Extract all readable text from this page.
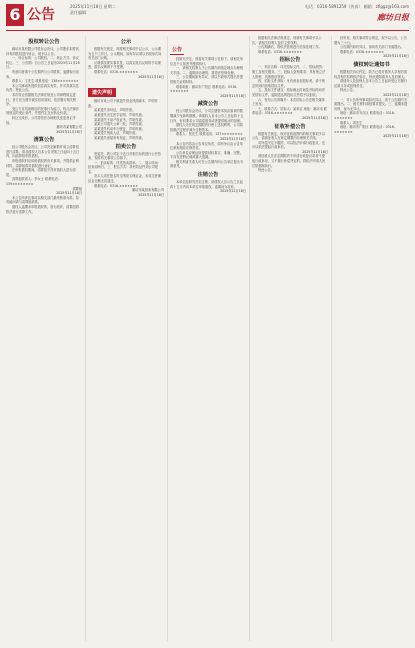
6 公告
2025年11月18日 星期二
责任编辑：
电话：0316-5891259（传真） 邮箱：zflggz@163.com
廊坊日报

股权转让公告

廊坊市某有限公司股东会决议，公司股东拟将其持有的股权进行转让，现予以公告。

一、转让标的：公司股权。二、转让方式：协议转让。三、公告期：自公告之日起至2025年11月28日。

有意向者请于公告期内与公司联系，逾期视为放弃。

联系人：王先生 联系电话：138××××××××

本公司承诺所提供信息真实有效，并对其真实性负责。特此公告。

本次转让依据相关法律法规及公司章程规定进行，各方应当遵守诚实信用原则，依法履行相关程序。

受让方应具备相应的民事行为能力，符合法律法规规定的受让条件，并按约定支付转让价款。

转让完成后，公司将依法办理相关变更登记手续。

廊坊市某有限公司

2025年11月18日

清算公告

经公司股东会决议，公司决定解散并成立清算组进行清算。请各债权人自本公告见报之日起四十五日内，向清算组申报债权。

申报债权时应说明债权的有关事项，并提供证明材料。清算组将对债权进行登记。

在申报债权期间，清算组不得对债权人进行清偿。

清算组联系人：李女士 联系电话：139××××××××

清算组

2025年11月18日

本公告所涉及事项以相关部门最终核准为准。如有疑问请与清算组联系。

债权人逾期未申报债权的，视为放弃，清算组将依法进行清算工作。

公示

根据有关规定，现将相关事项予以公示，公示期为五个工作日。公示期间，如有异议请以书面形式向有关部门反映。

反映情况要实事求是，以真实姓名反映的予以保密，匿名反映的不予受理。

联系电话：0316-×××××××

2025年11月18日

遗失声明

廊坊市某公司不慎遗失营业执照副本，声明作废。

某某遗失身份证，声明作废。

某某遗失出生医学证明，声明作废。

某某遗失不动产权证书，声明作废。

某某公司遗失公章一枚，声明作废。

某某遗失机动车行驶证，声明作废。

某某遗失残疾人证，声明作废。

某某遗失房屋所有权证，声明作废。

拍卖公告

受委托，我公司定于近日对相关标的进行公开拍卖，现将有关事项公告如下。

一、拍卖标的：详见拍卖清单。二、展示时间：拍卖前两日。三、报名方式：持有效证件到公司报名。

竞买人须在报名时交纳竞买保证金，未成交者保证金全额无息退还。

联系电话：0316-×××××××

廊坊市某拍卖有限公司

2025年11月18日

公告

经研究决定，现将有关事项公告如下，请相关单位及个人知悉并遵照执行。

一、请相关权利人于公告期内到指定地点办理相关手续。二、逾期未办理的，将依法依规处理。

三、公告期间如有异议，请以书面形式提出并提供相关证明材料。

联系地址：廊坊市广阳区 联系电话：0316-×××××××

2025年11月18日

减资公告

经公司股东会决议，公司注册资本拟由原来的数额减少至新的数额。请债权人自本公告之日起四十五日内，有权要求公司清偿债务或者提供相应的担保。

债权人未在规定期限内行使上述权利的，公司将按照法定程序减少注册资本。

联系人：张先生 联系电话：137××××××××

2025年11月18日

本公告内容由公告单位负责，如有争议由公告单位承担相应法律责任。

公告单位应保证所提供材料真实、准确、完整，不存在虚假记载或重大遗漏。

相关利害关系人可在公告期内向公告单位提出书面意见。

注销公告

本单位经研究决定注销，请债权人自公告之日起四十五日内向本单位申报债权，逾期视为放弃。

2025年11月18日

根据相关法律法规规定，现就有关事项予以公告，请相关权利人及时主张权利。

公告期满后，将依法依规进行后续处理工作。

联系电话：0316-×××××××

招标公告

一、项目名称：详见招标文件。二、招标范围：施工及相关服务。三、投标人资格要求：具有独立法人资格，具备相应资质。

四、招标文件获取：凡有意参加投标者，请于规定时间内获取招标文件。

五、投标文件递交：投标截止时间及开标时间详见招标文件。逾期送达的投标文件将予以拒收。

六、发布公告的媒介：本次招标公告在相关媒体上发布。

七、联系方式：招标人：某单位 地址：廊坊市 联系电话：0316-×××××××

2025年11月18日

征收补偿公告

根据有关规定，现对征收范围内的相关事项予以公告，请被征收人在规定期限内办理相关手续。

对补偿决定不服的，可以依法申请行政复议，也可以依法提起行政诉讼。

2025年11月18日

被征收人在法定期限内不申请行政复议或者不提起行政诉讼，又不履行补偿决定的，将依法申请人民法院强制执行。

特此公告。

经审查，相关事项符合规定，现予以公告，公告期为三十日。

公告期内如有异议，请向有关部门书面提出。

联系电话：0316-×××××××

2025年11月18日

债权转让通知书

根据相关协议约定，我方已将对债务人享有的债权及相关权利依法转让，特此通知债务人及担保人。

请债务人及担保人自本公告之日起向受让方履行还款义务或担保责任。

特此公告。

2025年11月18日

一、对公告所列事项如有异议，请于公告期内书面提出。二、相关材料请按要求提交。三、逾期未提出的，视为无异议。

地址：廊坊市安次区 联系电话：0316-×××××××

联系人：刘先生

地址：廊坊市广阳区 联系电话：0316-×××××××

2025年11月18日
